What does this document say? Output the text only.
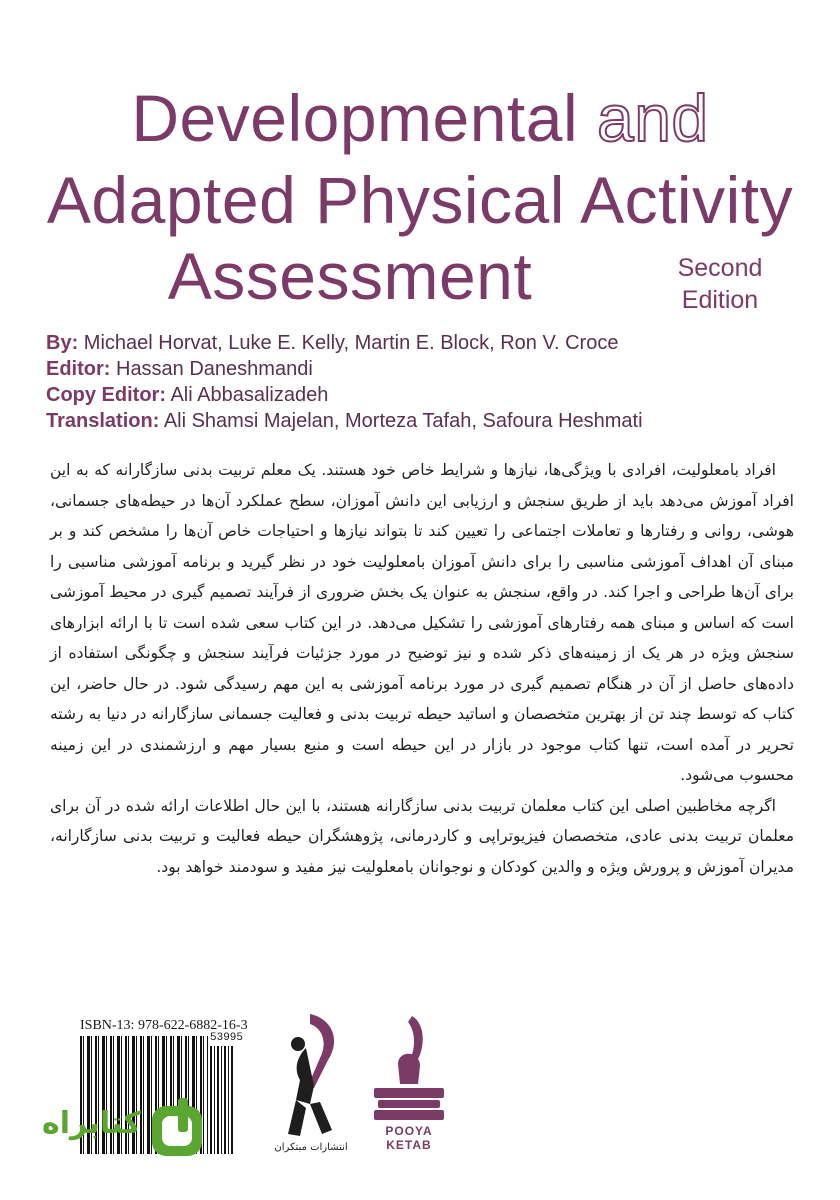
Developmental and
Adapted Physical Activity
Assessment	Second
Edition
By: Michael Horvat, Luke E. Kelly, Martin E. Block, Ron V. Croce
Editor: Hassan Daneshmandi
Copy Editor: Ali Abbasalizadeh
Translation: Ali Shamsi Majelan, Morteza Tafah, Safoura Heshmati

افراد بامعلولیت، افرادی با ویژگی‌ها، نیازها و شرایط خاص خود هستند. یک معلم تربیت بدنی سازگارانه که به این افراد آموزش می‌دهد باید از طریق سنجش و ارزیابی این دانش آموزان، سطح عملکرد آن‌ها در حیطه‌های جسمانی، هوشی، روانی و رفتارها و تعاملات اجتماعی را تعیین کند تا بتواند نیازها و احتیاجات خاص آن‌ها را مشخص کند و بر مبنای آن اهداف آموزشی مناسبی را برای دانش آموزان بامعلولیت خود در نظر گیرید و برنامه آموزشی مناسبی را برای آن‌ها طراحی و اجرا کند. در واقع، سنجش به عنوان یک بخش ضروری از فرآیند تصمیم گیری در محیط آموزشی است که اساس و مبنای همه رفتارهای آموزشی را تشکیل می‌دهد. در این کتاب سعی شده است تا با ارائه ابزارهای سنجش ویژه در هر یک از زمینه‌های ذکر شده و نیز توضیح در مورد جزئیات فرآیند سنجش و چگونگی استفاده از داده‌های حاصل از آن در هنگام تصمیم گیری در مورد برنامه آموزشی به این مهم رسیدگی شود. در حال حاضر، این کتاب که توسط چند تن از بهترین متخصصان و اساتید حیطه تربیت بدنی و فعالیت جسمانی سازگارانه در دنیا به رشته تحریر در آمده است، تنها کتاب موجود در بازار در این حیطه است و منبع بسیار مهم و ارزشمندی در این زمینه محسوب می‌شود.

اگرچه مخاطبین اصلی این کتاب معلمان تربیت بدنی سازگارانه هستند، با این حال اطلاعات ارائه شده در آن برای معلمان تربیت بدنی عادی، متخصصان فیزیوتراپی و کاردرمانی، پژوهشگران حیطه فعالیت و تربیت بدنی سازگارانه، مدیران آموزش و پرورش ویژه و والدین کودکان و نوجوانان بامعلولیت نیز مفید و سودمند خواهد بود.

ISBN-13: 978-622-6882-16-3
53995
انتشارات مبتکران
POOYA KETAB
کتابراه
